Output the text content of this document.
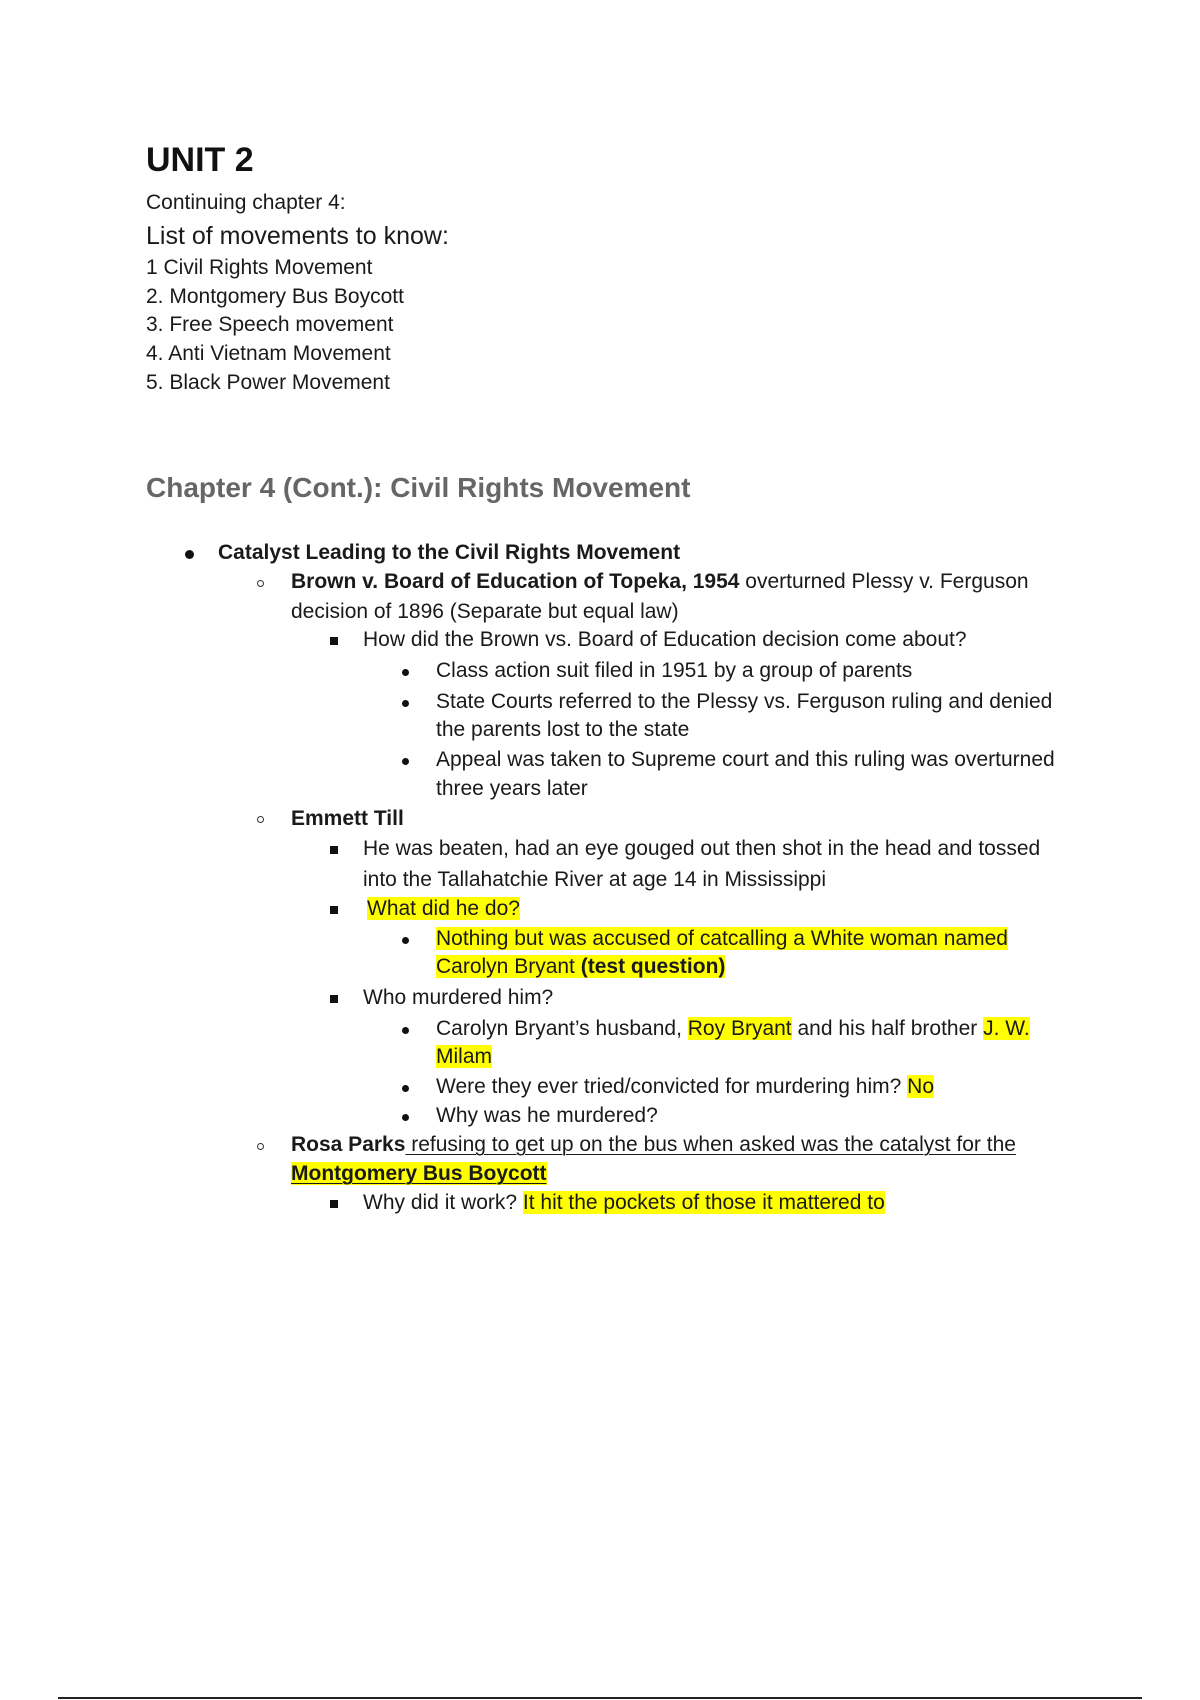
UNIT 2

Continuing chapter 4:

List of movements to know:

1 Civil Rights Movement

2. Montgomery Bus Boycott

3. Free Speech movement

4. Anti Vietnam Movement

5. Black Power Movement

Chapter 4 (Cont.): Civil Rights Movement

Catalyst Leading to the Civil Rights Movement

Brown v. Board of Education of Topeka, 1954 overturned Plessy v. Ferguson

decision of 1896 (Separate but equal law)

How did the Brown vs. Board of Education decision come about?

Class action suit filed in 1951 by a group of parents

State Courts referred to the Plessy vs. Ferguson ruling and denied

the parents lost to the state

Appeal was taken to Supreme court and this ruling was overturned

three years later

Emmett Till

He was beaten, had an eye gouged out then shot in the head and tossed

into the Tallahatchie River at age 14 in Mississippi

What did he do?

Nothing but was accused of catcalling a White woman named

Carolyn Bryant (test question)

Who murdered him?

Carolyn Bryant’s husband, Roy Bryant and his half brother J. W.

Milam

Were they ever tried/convicted for murdering him? No

Why was he murdered?

Rosa Parks refusing to get up on the bus when asked was the catalyst for the

Montgomery Bus Boycott

Why did it work? It hit the pockets of those it mattered to
